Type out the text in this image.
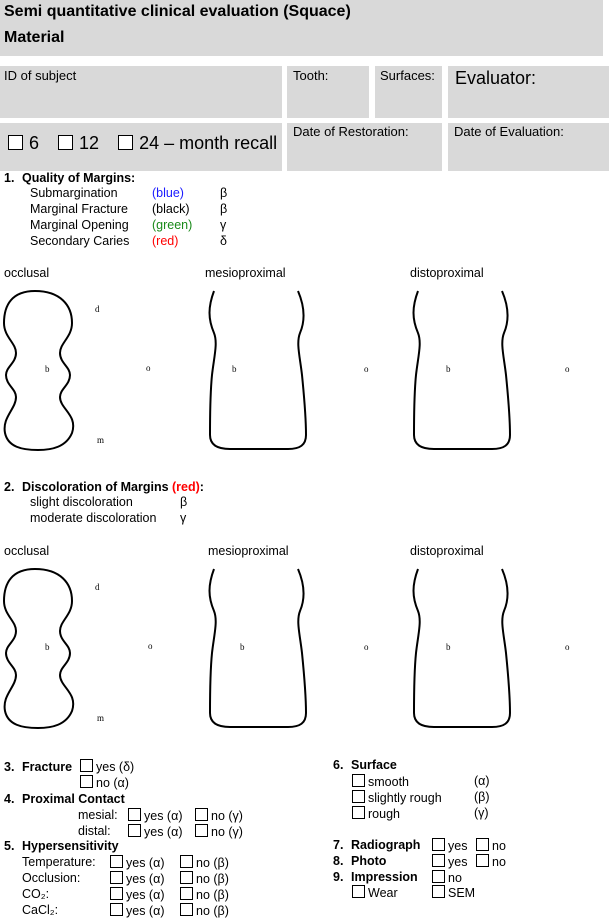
Semi quantitative clinical evaluation (Squace)
Material
ID of subject	Tooth:	Surfaces: Evaluator:
6 12 24 – month recall
Date of Restoration:	Date of Evaluation:
1. Quality of Margins:
Submargination	(blue)	β
Marginal Fracture (black) β
Marginal Opening (green) γ
Secondary Caries (red)	δ
occlusal	mesioproximal	distoproximal
d
b
m
o	b	o	b	o
2. Discoloration of Margins (red):
slight discoloration	β
moderate discoloration γ
occlusal	mesioproximal	distoproximal
d
b
m
o	b	o	b	o
3. Fracture	yes (δ)
no (α)
4. Proximal Contact
mesial:	yes (α)	no (γ)
distal:	yes (α)	no (γ)
5. Hypersensitivity
Temperature:	yes (α)	no (β)
Occlusion:	yes (α)	no (β)
CO₂:	yes (α)	no (β)
CaCl₂:	yes (α)	no (β)
6. Surface
smooth	(α)
slightly rough	(β)
rough	(γ)
7. Radiograph	yes	no
8. Photo	yes	no
9. Impression	no
Wear	SEM
